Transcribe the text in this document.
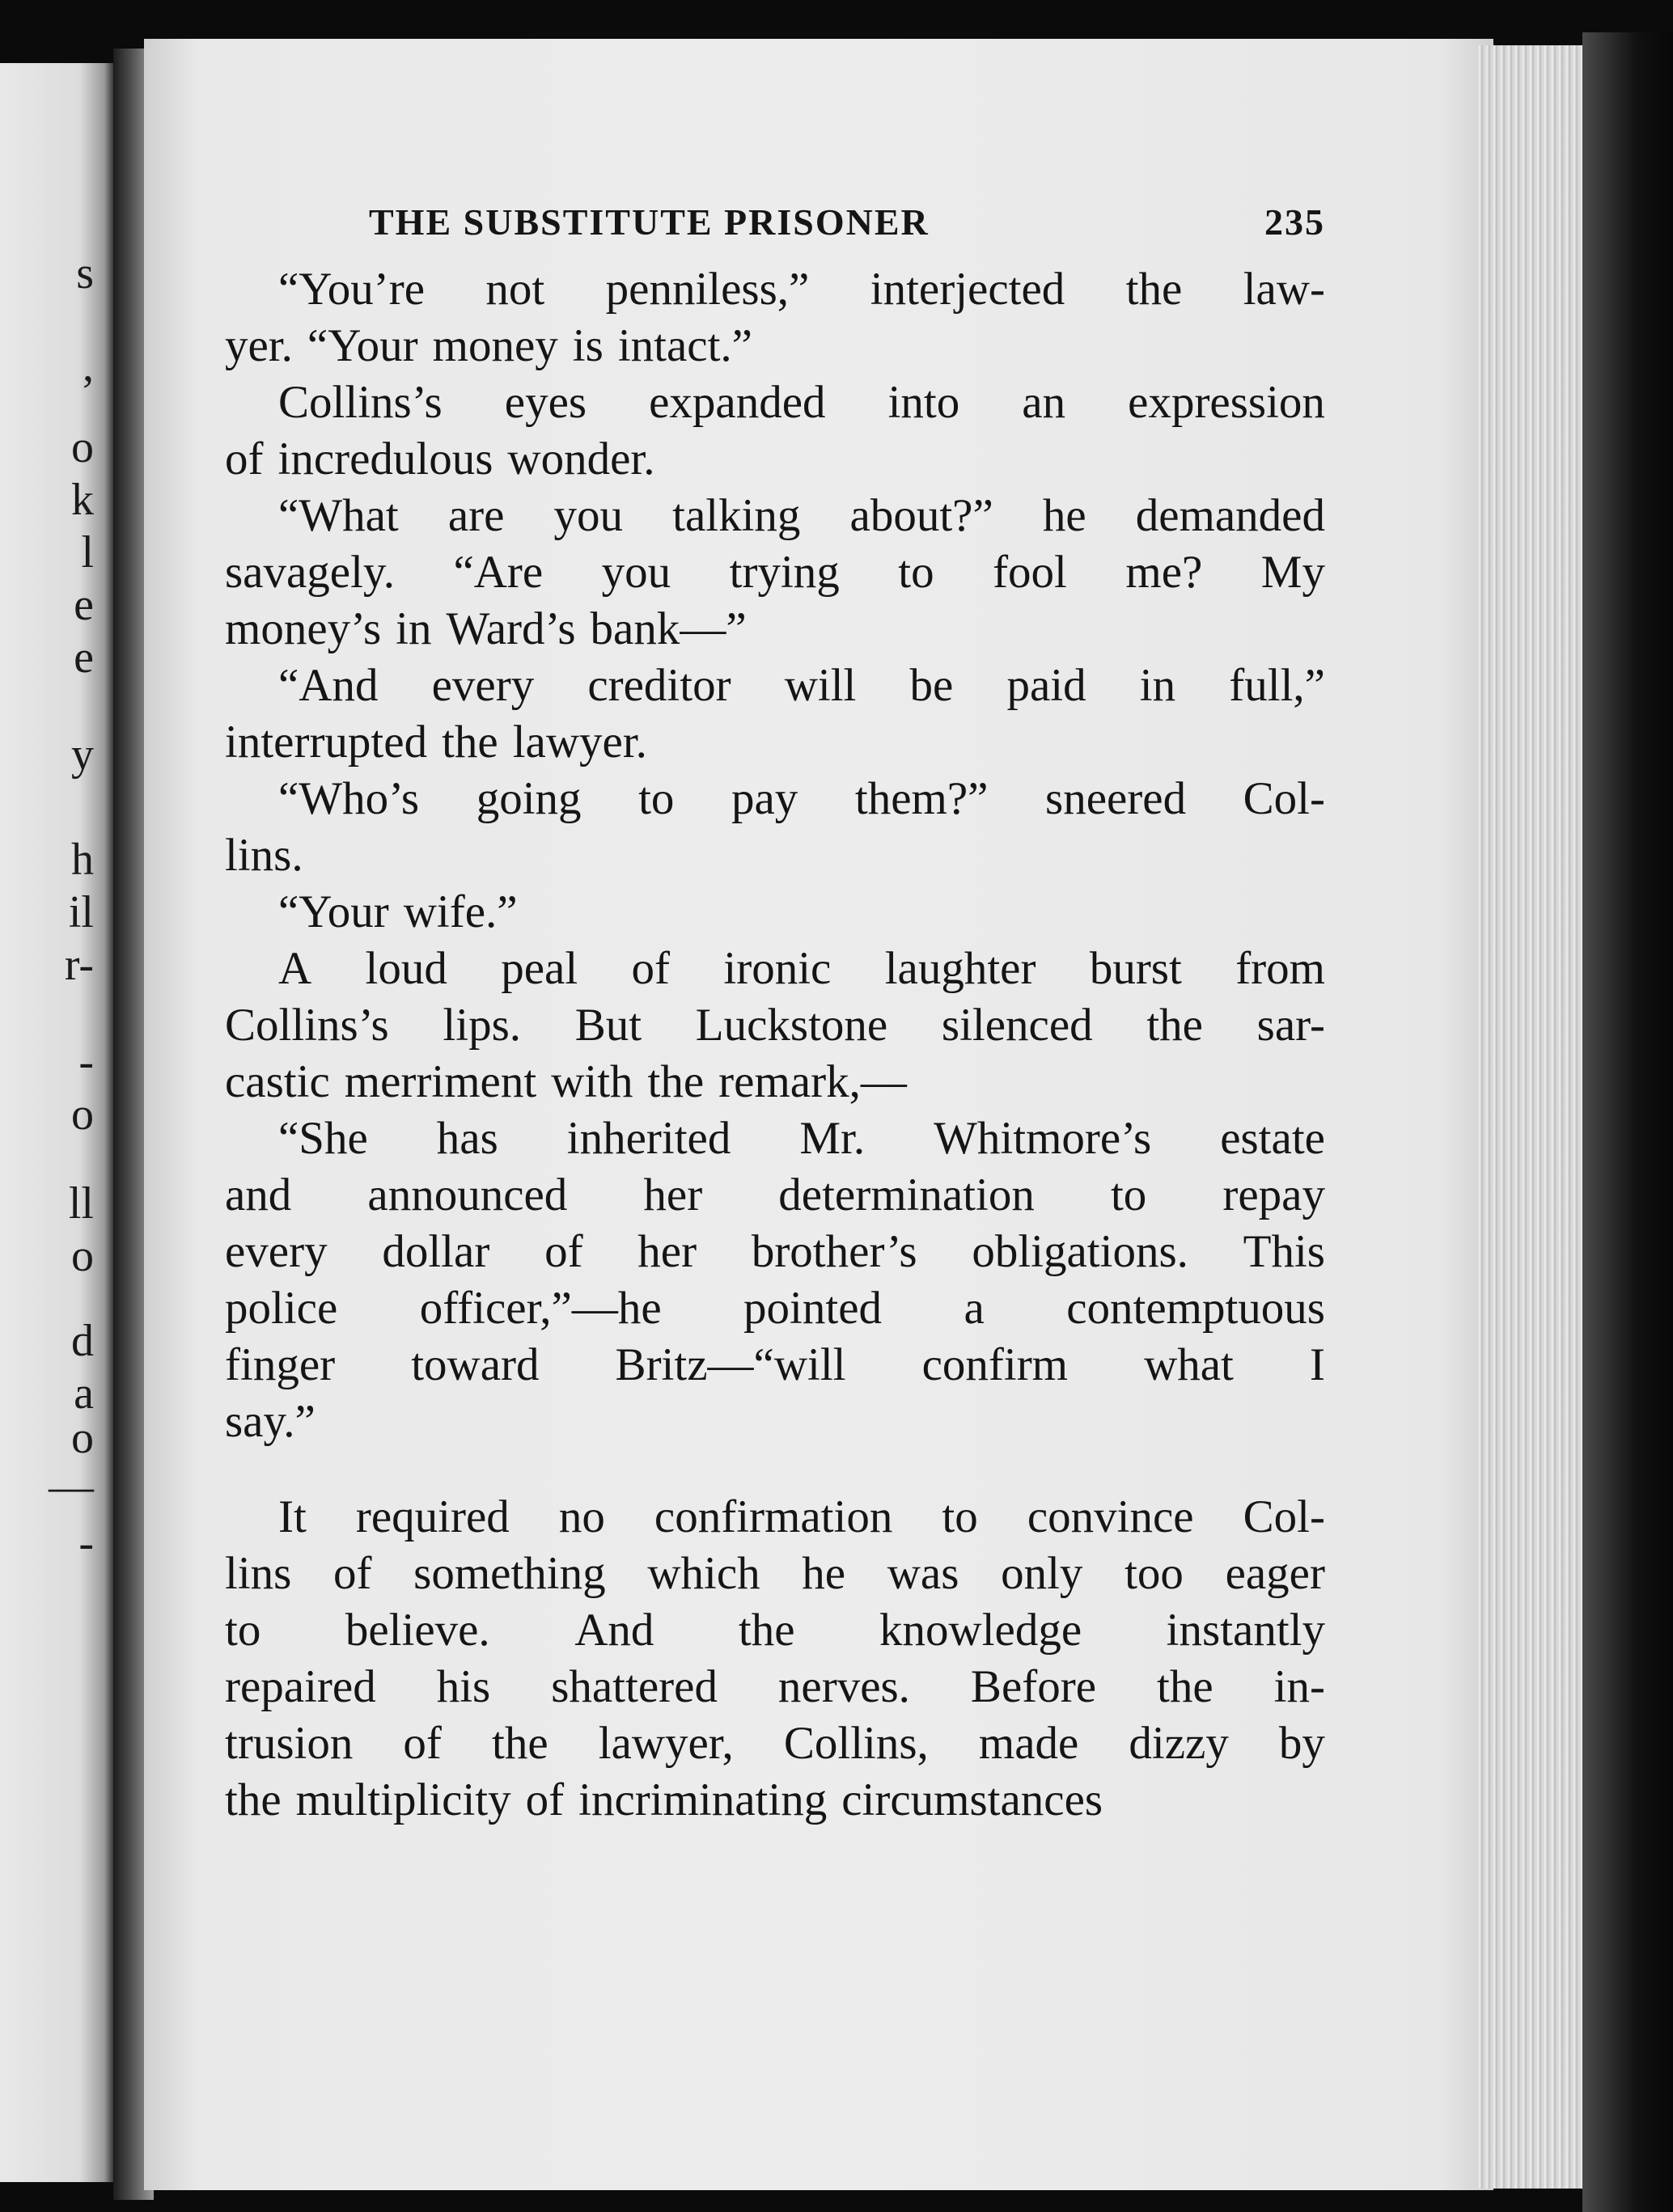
s
,
o
k
l
e
e
y
h
il
r-
-
o
ll
o
d
a
o
—
-
THE SUBSTITUTE PRISONER	235
“You’re not penniless,” interjected the law-
yer. “Your money is intact.”
Collins’s eyes expanded into an expression
of incredulous wonder.
“What are you talking about?” he demanded
savagely. “Are you trying to fool me? My
money’s in Ward’s bank—”
“And every creditor will be paid in full,”
interrupted the lawyer.
“Who’s going to pay them?” sneered Col-
lins.
“Your wife.”
A loud peal of ironic laughter burst from
Collins’s lips. But Luckstone silenced the sar-
castic merriment with the remark,—
“She has inherited Mr. Whitmore’s estate
and announced her determination to repay
every dollar of her brother’s obligations. This
police officer,”—he pointed a contemptuous
finger toward Britz—“will confirm what I
say.”
It required no confirmation to convince Col-
lins of something which he was only too eager
to believe. And the knowledge instantly
repaired his shattered nerves. Before the in-
trusion of the lawyer, Collins, made dizzy by
the multiplicity of incriminating circumstances
